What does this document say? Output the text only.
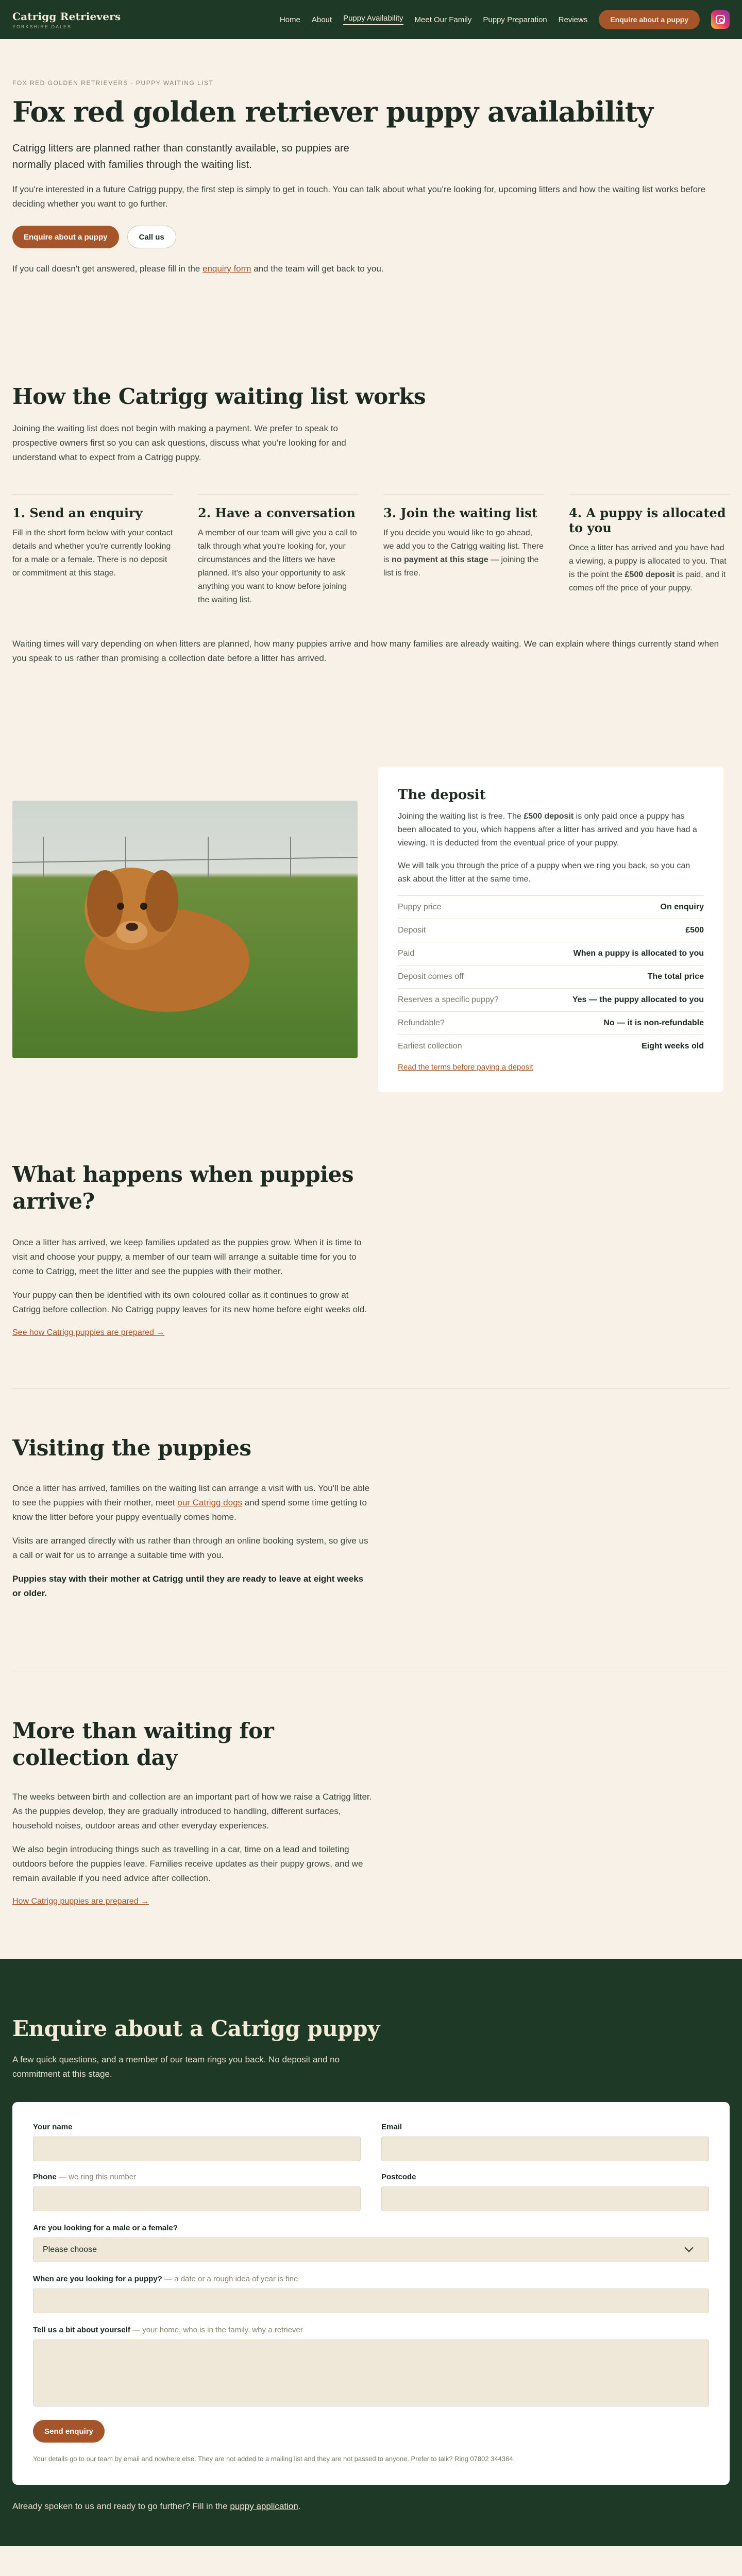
Catrigg Retrievers
YORKSHIRE DALES
Home About Puppy Availability Meet Our Family Puppy Preparation Reviews	Enquire about a puppy
FOX RED GOLDEN RETRIEVERS · PUPPY WAITING LIST
Fox red golden retriever puppy availability

Catrigg litters are planned rather than constantly available, so puppies are normally placed with families through the waiting list.

If you're interested in a future Catrigg puppy, the first step is simply to get in touch. You can talk about what you're looking for, upcoming litters and how the waiting list works before deciding whether you want to go further.

Enquire about a puppy	Call us

If you call doesn't get answered, please fill in the enquiry form and the team will get back to you.

How the Catrigg waiting list works

Joining the waiting list does not begin with making a payment. We prefer to speak to prospective owners first so you can ask questions, discuss what you're looking for and understand what to expect from a Catrigg puppy.

1. Send an enquiry

Fill in the short form below with your contact details and whether you're currently looking for a male or a female. There is no deposit or commitment at this stage.

2. Have a conversation

A member of our team will give you a call to talk through what you're looking for, your circumstances and the litters we have planned. It's also your opportunity to ask anything you want to know before joining the waiting list.

3. Join the waiting list

If you decide you would like to go ahead, we add you to the Catrigg waiting list. There is no payment at this stage — joining the list is free.

4. A puppy is allocated to you

Once a litter has arrived and you have had a viewing, a puppy is allocated to you. That is the point the £500 deposit is paid, and it comes off the price of your puppy.

Waiting times will vary depending on when litters are planned, how many puppies arrive and how many families are already waiting. We can explain where things currently stand when you speak to us rather than promising a collection date before a litter has arrived.

The deposit

Joining the waiting list is free. The £500 deposit is only paid once a puppy has been allocated to you, which happens after a litter has arrived and you have had a viewing. It is deducted from the eventual price of your puppy.

We will talk you through the price of a puppy when we ring you back, so you can ask about the litter at the same time.

Puppy price	On enquiry
Deposit	£500
Paid	When a puppy is allocated to you
Deposit comes off	The total price
Reserves a specific puppy?	Yes — the puppy allocated to you
Refundable?	No — it is non-refundable
Earliest collection	Eight weeks old
Read the terms before paying a deposit
What happens when puppies arrive?

Once a litter has arrived, we keep families updated as the puppies grow. When it is time to visit and choose your puppy, a member of our team will arrange a suitable time for you to come to Catrigg, meet the litter and see the puppies with their mother.

Your puppy can then be identified with its own coloured collar as it continues to grow at Catrigg before collection. No Catrigg puppy leaves for its new home before eight weeks old.

See how Catrigg puppies are prepared →
Visiting the puppies

Once a litter has arrived, families on the waiting list can arrange a visit with us. You'll be able to see the puppies with their mother, meet our Catrigg dogs and spend some time getting to know the litter before your puppy eventually comes home.

Visits are arranged directly with us rather than through an online booking system, so give us a call or wait for us to arrange a suitable time with you.

Puppies stay with their mother at Catrigg until they are ready to leave at eight weeks or older.

More than waiting for collection day

The weeks between birth and collection are an important part of how we raise a Catrigg litter. As the puppies develop, they are gradually introduced to handling, different surfaces, household noises, outdoor areas and other everyday experiences.

We also begin introducing things such as travelling in a car, time on a lead and toileting outdoors before the puppies leave. Families receive updates as their puppy grows, and we remain available if you need advice after collection.

How Catrigg puppies are prepared →
Enquire about a Catrigg puppy

A few quick questions, and a member of our team rings you back. No deposit and no commitment at this stage.

Your name	Email
Phone — we ring this number	Postcode
Are you looking for a male or a female?
Please choose
When are you looking for a puppy? — a date or a rough idea of year is fine
Tell us a bit about yourself — your home, who is in the family, why a retriever
Send enquiry

Your details go to our team by email and nowhere else. They are not added to a mailing list and they are not passed to anyone. Prefer to talk? Ring 07802 344364.

Already spoken to us and ready to go further? Fill in the puppy application.
